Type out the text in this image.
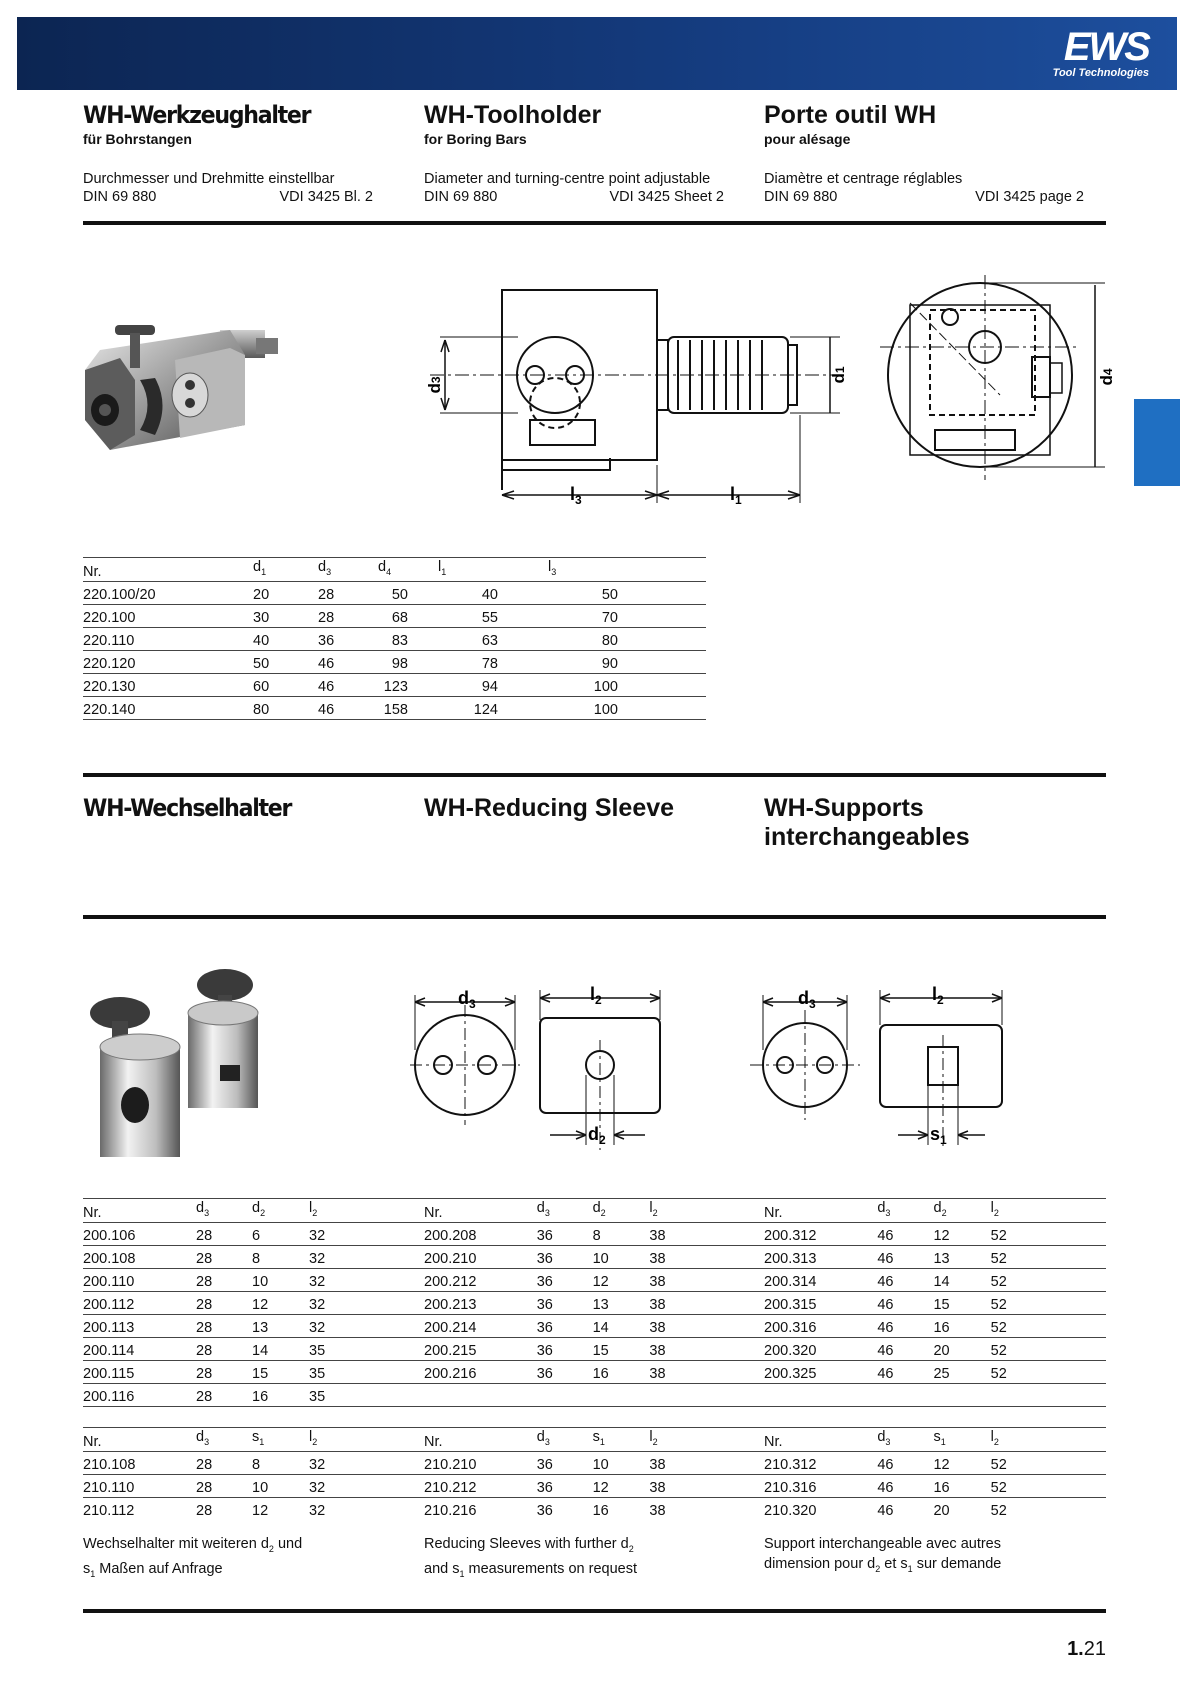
EWS
Tool Technologies
WH-Werkzeughalter
für Bohrstangen
WH-Toolholder
for Boring Bars
Porte outil WH
pour alésage
Durchmesser und Drehmitte einstellbar
DIN 69 880	VDI 3425 Bl. 2
Diameter and turning-centre point adjustable
DIN 69 880	VDI 3425 Sheet 2
Diamètre et centrage réglables
DIN 69 880	VDI 3425 page 2
d3	d1
d4
$l_3$	$l_1$
Nr.	$d_1$	$d_3$	$d_4$	$l_1$	$l_3$	
220.100/20	20	28	50	40	50	
220.100	30	28	68	55	70	
220.110	40	36	83	63	80	
220.120	50	46	98	78	90	
220.130	60	46	123	94	100	
220.140	80	46	158	124	100	
WH-Wechselhalter	WH-Reducing Sleeve	WH-Supports
interchangeables
$d_3$	$l_2$
$d_2$
$d_3$	$l_2$
$s_1$
Nr.	$d_3$	$d_2$	$l_2$
200.106	28	6	32
200.108	28	8	32
200.110	28	10	32
200.112	28	12	32
200.113	28	13	32
200.114	28	14	35
200.115	28	15	35
200.116	28	16	35
Nr.	$d_3$	$d_2$	$l_2$
200.208	36	8	38
200.210	36	10	38
200.212	36	12	38
200.213	36	13	38
200.214	36	14	38
200.215	36	15	38
200.216	36	16	38

Nr.	$d_3$	$d_2$	$l_2$
200.312	46	12	52
200.313	46	13	52
200.314	46	14	52
200.315	46	15	52
200.316	46	16	52
200.320	46	20	52
200.325	46	25	52

Nr.	$d_3$	$s_1$	$l_2$
210.108	28	8	32
210.110	28	10	32
210.112	28	12	32
Nr.	$d_3$	$s_1$	$l_2$
210.210	36	10	38
210.212	36	12	38
210.216	36	16	38
Nr.	$d_3$	$s_1$	$l_2$
210.312	46	12	52
210.316	46	16	52
210.320	46	20	52
Wechselhalter mit weiteren $d_2$ und
$s_1$ Maßen auf Anfrage
Reducing Sleeves with further $d_2$
and $s_1$ measurements on request
Support interchangeable avec autres
dimension pour $d_2$ et $s_1$ sur demande
1.21
